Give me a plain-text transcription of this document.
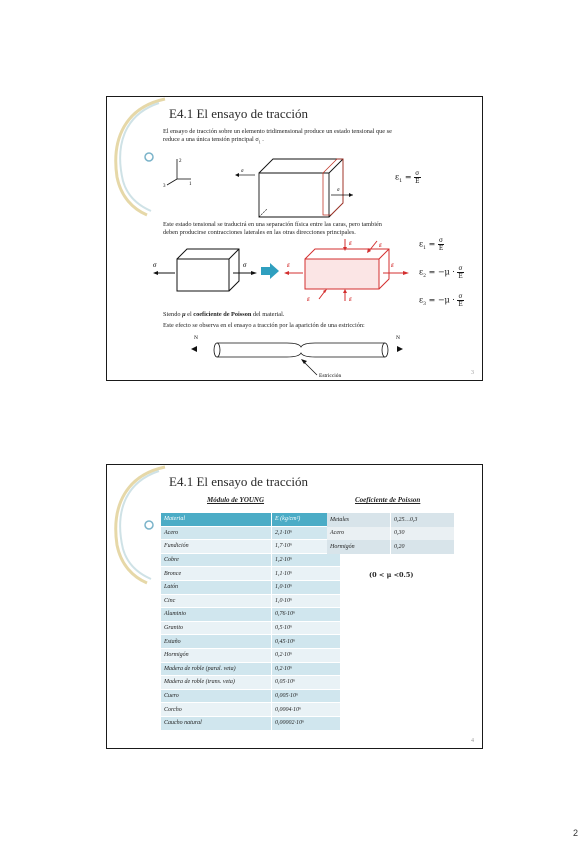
E4.1 El ensayo de tracción
El ensayo de tracción sobre un elemento tridimensional produce un estado tensional que se
reduce a una única tensión principal $\sigma_1$ .
2
3	1
σ
σ
$\varepsilon_1 = \frac{\sigma}{E}$
Este estado tensional se traducirá en una separación física entre las caras, pero también
deben producirse contracciones laterales en las otras direcciones principales.
σ	σ	ε	ε
ε
ε
ε
ε
$\varepsilon_1 = \frac{\sigma}{E}$
$\varepsilon_2 = -\mu \cdot \frac{\sigma}{E}$
$\varepsilon_3 = -\mu \cdot \frac{\sigma}{E}$
Siendo μ el coeficiente de Poisson del material.
Este efecto se observa en el ensayo a tracción por la aparición de una estricción:
N	N
Estricción	3
E4.1 El ensayo de tracción
Módulo de YOUNG	Coeficiente de Poisson
Material	E (kg/cm²)
Acero	2,1·10⁶
Fundición	1,7·10⁶
Cobre	1,2·10⁶
Bronce	1,1·10⁶
Latón	1,0·10⁶
Cinc	1,0·10⁶
Aluminio	0,76·10⁶
Granito	0,5·10⁶
Estaño	0,45·10⁶
Hormigón	0,2·10⁶
Madera de roble (paral. veta)	0,2·10⁶
Madera de roble (trans. veta)	0,05·10⁶
Cuero	0,005·10⁶
Corcho	0,0004·10⁶
Caucho natural	0,00002·10⁶
Metales	0,25…0,3
Acero	0,30
Hormigón	0,20
(0 < μ <0.5)
4
2
